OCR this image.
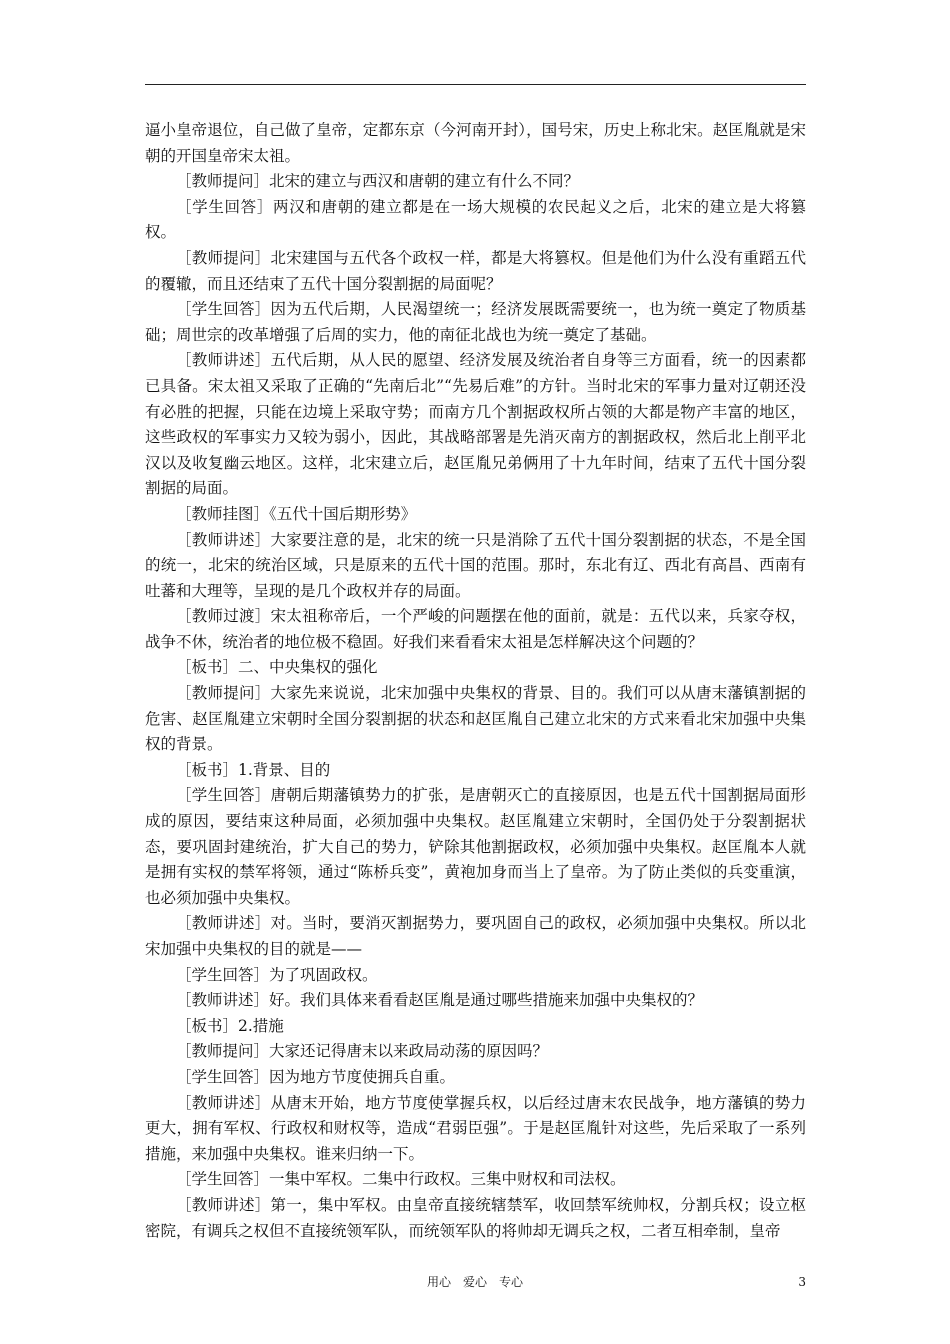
逼小皇帝退位，自己做了皇帝，定都东京（今河南开封），国号宋，历史上称北宋。赵匡胤就是宋朝的开国皇帝宋太祖。

［教师提问］北宋的建立与西汉和唐朝的建立有什么不同？

［学生回答］两汉和唐朝的建立都是在一场大规模的农民起义之后，北宋的建立是大将篡权。

［教师提问］北宋建国与五代各个政权一样，都是大将篡权。但是他们为什么没有重蹈五代的覆辙，而且还结束了五代十国分裂割据的局面呢？

［学生回答］因为五代后期，人民渴望统一；经济发展既需要统一，也为统一奠定了物质基础；周世宗的改革增强了后周的实力，他的南征北战也为统一奠定了基础。

［教师讲述］五代后期，从人民的愿望、经济发展及统治者自身等三方面看，统一的因素都已具备。宋太祖又采取了正确的“先南后北”“先易后难”的方针。当时北宋的军事力量对辽朝还没有必胜的把握，只能在边境上采取守势；而南方几个割据政权所占领的大都是物产丰富的地区，这些政权的军事实力又较为弱小，因此，其战略部署是先消灭南方的割据政权，然后北上削平北汉以及收复幽云地区。这样，北宋建立后，赵匡胤兄弟俩用了十九年时间，结束了五代十国分裂割据的局面。

［教师挂图］《五代十国后期形势》

［教师讲述］大家要注意的是，北宋的统一只是消除了五代十国分裂割据的状态，不是全国的统一，北宋的统治区域，只是原来的五代十国的范围。那时，东北有辽、西北有高昌、西南有吐蕃和大理等，呈现的是几个政权并存的局面。

［教师过渡］宋太祖称帝后，一个严峻的问题摆在他的面前，就是：五代以来，兵家夺权，战争不休，统治者的地位极不稳固。好我们来看看宋太祖是怎样解决这个问题的？

［板书］二、中央集权的强化

［教师提问］大家先来说说，北宋加强中央集权的背景、目的。我们可以从唐末藩镇割据的危害、赵匡胤建立宋朝时全国分裂割据的状态和赵匡胤自己建立北宋的方式来看北宋加强中央集权的背景。

［板书］1.背景、目的

［学生回答］唐朝后期藩镇势力的扩张，是唐朝灭亡的直接原因，也是五代十国割据局面形成的原因，要结束这种局面，必须加强中央集权。赵匡胤建立宋朝时，全国仍处于分裂割据状态，要巩固封建统治，扩大自己的势力，铲除其他割据政权，必须加强中央集权。赵匡胤本人就是拥有实权的禁军将领，通过“陈桥兵变”，黄袍加身而当上了皇帝。为了防止类似的兵变重演，也必须加强中央集权。

［教师讲述］对。当时，要消灭割据势力，要巩固自己的政权，必须加强中央集权。所以北宋加强中央集权的目的就是——

［学生回答］为了巩固政权。

［教师讲述］好。我们具体来看看赵匡胤是通过哪些措施来加强中央集权的？

［板书］2.措施

［教师提问］大家还记得唐末以来政局动荡的原因吗？

［学生回答］因为地方节度使拥兵自重。

［教师讲述］从唐末开始，地方节度使掌握兵权，以后经过唐末农民战争，地方藩镇的势力更大，拥有军权、行政权和财权等，造成“君弱臣强”。于是赵匡胤针对这些，先后采取了一系列措施，来加强中央集权。谁来归纳一下。

［学生回答］一集中军权。二集中行政权。三集中财权和司法权。

［教师讲述］第一，集中军权。由皇帝直接统辖禁军，收回禁军统帅权，分割兵权；设立枢密院，有调兵之权但不直接统领军队，而统领军队的将帅却无调兵之权，二者互相牵制，皇帝

用心　爱心　专心	3
